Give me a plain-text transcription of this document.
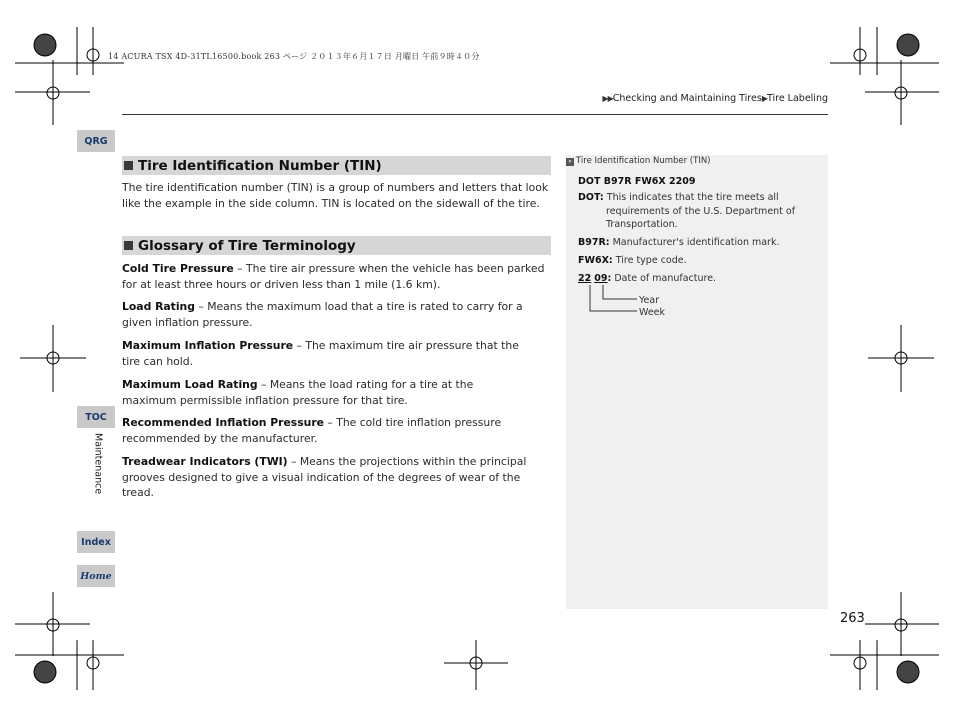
14 ACURA TSX 4D-31TL16500.book 263 ページ ２０１３年６月１７日 月曜日 午前９時４０分
▶▶Checking and Maintaining Tires▶Tire Labeling
QRG
TOC
Maintenance
Index
Home
Tire Identification Number (TIN)
The tire identification number (TIN) is a group of numbers and letters that look like the example in the side column. TIN is located on the sidewall of the tire.
Glossary of Tire Terminology
Cold Tire Pressure – The tire air pressure when the vehicle has been parked for at least three hours or driven less than 1 mile (1.6 km).
Load Rating – Means the maximum load that a tire is rated to carry for a given inflation pressure.
Maximum Inflation Pressure – The maximum tire air pressure that the tire can hold.
Maximum Load Rating – Means the load rating for a tire at the maximum permissible inflation pressure for that tire.
Recommended Inflation Pressure – The cold tire inflation pressure recommended by the manufacturer.
Treadwear Indicators (TWI) – Means the projections within the principal grooves designed to give a visual indication of the degrees of wear of the tread.
» Tire Identification Number (TIN)
DOT B97R FW6X 2209
DOT: This indicates that the tire meets all
requirements of the U.S. Department of
Transportation.
B97R: Manufacturer's identification mark.
FW6X: Tire type code.
22 09: Date of manufacture.
Year
Week
263
